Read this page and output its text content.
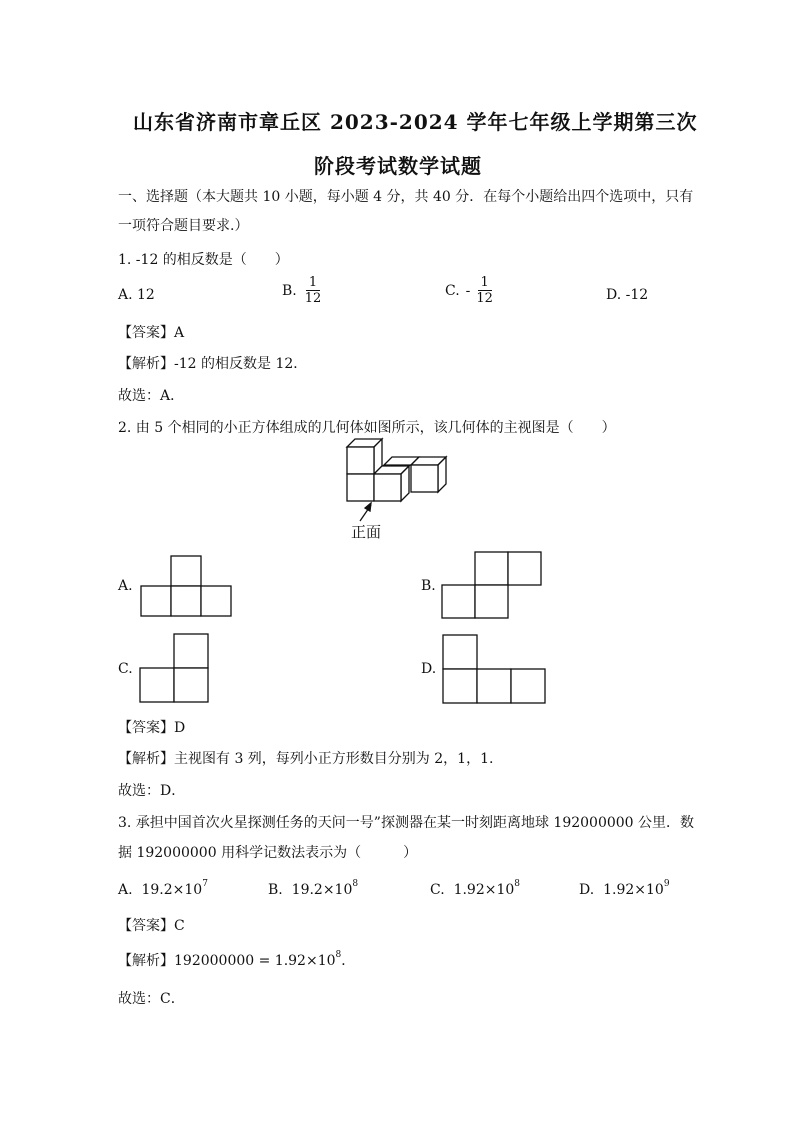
山东省济南市章丘区 2023-2024 学年七年级上学期第三次
阶段考试数学试题
一、选择题（本大题共 10 小题，每小题 4 分，共 40 分．在每个小题给出四个选项中，只有
一项符合题目要求.）
1. -12 的相反数是（　　）
A. 12	B. $\frac{1}{12}$	C. - $\frac{1}{12}$	D. -12
【答案】A
【解析】-12 的相反数是 12．
故选：A．
2. 由 5 个相同的小正方体组成的几何体如图所示，该几何体的主视图是（　　）
正面
A.	B.
C.	D.
【答案】D
【解析】主视图有 3 列，每列小正方形数目分别为 2，1，1.
故选：D．
3. 承担中国首次火星探测任务的天问一号”探测器在某一时刻距离地球 192000000 公里．数
据 192000000 用科学记数法表示为（　　　）
A. $19.2\times 10^7$	B. $19.2\times 10^8$	C. $1.92\times 10^8$	D. $1.92\times 10^9$
【答案】C
【解析】$192000000 = 1.92\times 10^8$．
故选：C．
